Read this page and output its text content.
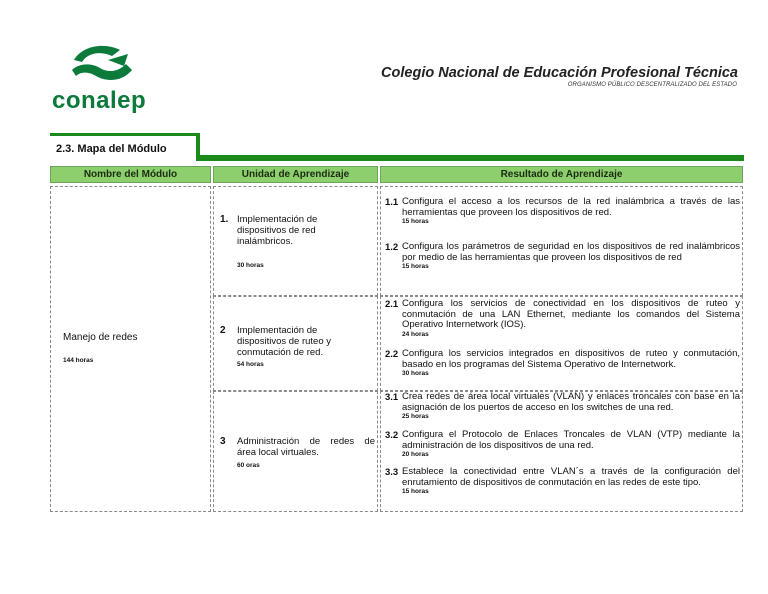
conalep
Colegio Nacional de Educación Profesional Técnica
ORGANISMO PÚBLICO DESCENTRALIZADO DEL ESTADO
2.3. Mapa del Módulo
Nombre del Módulo	Unidad de Aprendizaje	Resultado de Aprendizaje
Manejo de redes
144 horas
1. Implementación de
dispositivos de red
inalámbricos.
30 horas
2 Implementación de
dispositivos de ruteo y
conmutación de red.
54 horas
3 Administración de redes de
área local virtuales.
60 oras
1.1 Configura el acceso a los recursos de la red inalámbrica a través de las herramientas que proveen los dispositivos de red.
15 horas
1.2 Configura los parámetros de seguridad en los dispositivos de red inalámbricos por medio de las herramientas que proveen los dispositivos de red
15 horas
2.1 Configura los servicios de conectividad en los dispositivos de ruteo y conmutación de una LAN Ethernet, mediante los comandos del Sistema Operativo Internetwork (IOS).
24 horas
2.2 Configura los servicios integrados en dispositivos de ruteo y conmutación, basado en los programas del Sistema Operativo de Internetwork.
30 horas
3.1 Crea redes de área local virtuales (VLAN) y enlaces troncales con base en la asignación de los puertos de acceso en los switches de una red.
25 horas
3.2 Configura el Protocolo de Enlaces Troncales de VLAN (VTP) mediante la administración de los dispositivos de una red.
20 horas
3.3 Establece la conectividad entre VLAN´s a través de la configuración del enrutamiento de dispositivos de conmutación en las redes de este tipo.
15 horas
